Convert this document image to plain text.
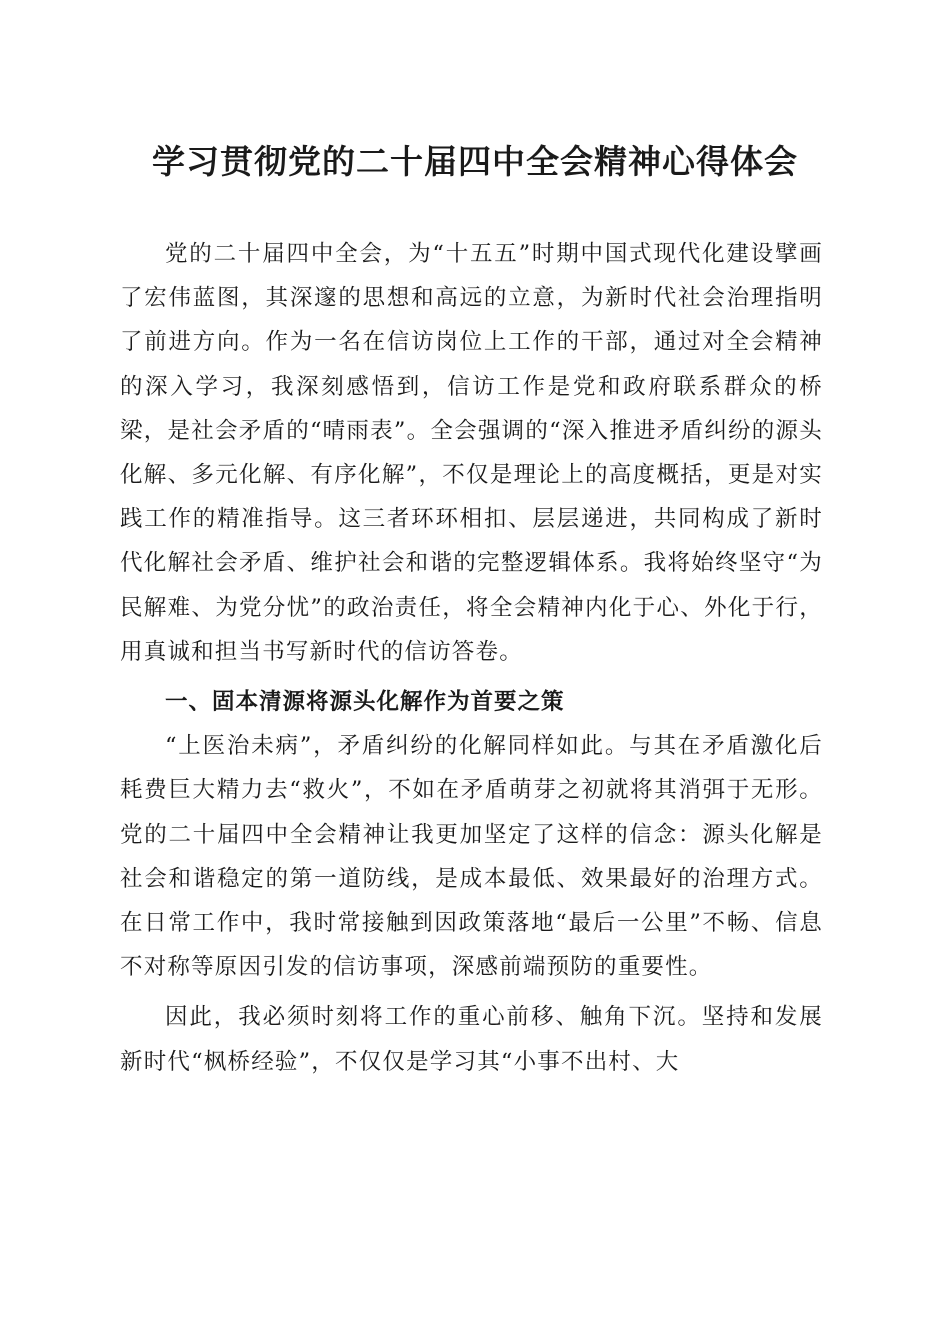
学习贯彻党的二十届四中全会精神心得体会

党的二十届四中全会，为“十五五”时期中国式现代化建设擘画了宏伟蓝图，其深邃的思想和高远的立意，为新时代社会治理指明了前进方向。作为一名在信访岗位上工作的干部，通过对全会精神的深入学习，我深刻感悟到，信访工作是党和政府联系群众的桥梁，是社会矛盾的“晴雨表”。全会强调的“深入推进矛盾纠纷的源头化解、多元化解、有序化解”，不仅是理论上的高度概括，更是对实践工作的精准指导。这三者环环相扣、层层递进，共同构成了新时代化解社会矛盾、维护社会和谐的完整逻辑体系。我将始终坚守“为民解难、为党分忧”的政治责任，将全会精神内化于心、外化于行，用真诚和担当书写新时代的信访答卷。

一、固本清源将源头化解作为首要之策

“上医治未病”，矛盾纠纷的化解同样如此。与其在矛盾激化后耗费巨大精力去“救火”，不如在矛盾萌芽之初就将其消弭于无形。党的二十届四中全会精神让我更加坚定了这样的信念：源头化解是社会和谐稳定的第一道防线，是成本最低、效果最好的治理方式。在日常工作中，我时常接触到因政策落地“最后一公里”不畅、信息不对称等原因引发的信访事项，深感前端预防的重要性。

因此，我必须时刻将工作的重心前移、触角下沉。坚持和发展新时代“枫桥经验”，不仅仅是学习其“小事不出村、大
